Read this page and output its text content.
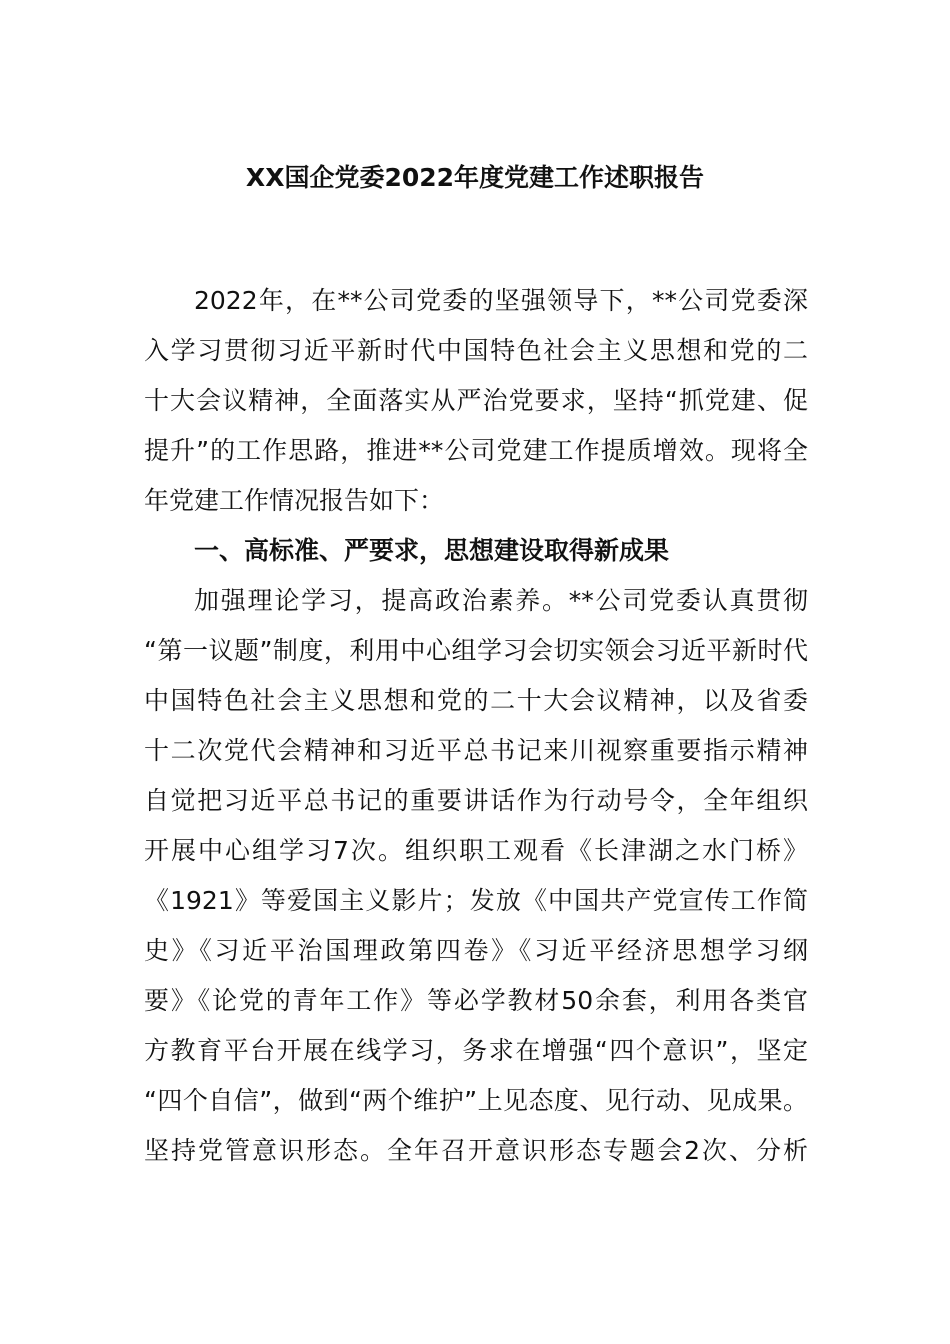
XX国企党委2022年度党建工作述职报告
2022年，在**公司党委的坚强领导下，**公司党委深
入学习贯彻习近平新时代中国特色社会主义思想和党的二
十大会议精神，全面落实从严治党要求，坚持“抓党建、促
提升”的工作思路，推进**公司党建工作提质增效。现将全
年党建工作情况报告如下：
一、高标准、严要求，思想建设取得新成果
加强理论学习，提高政治素养。**公司党委认真贯彻
“第一议题”制度，利用中心组学习会切实领会习近平新时代
中国特色社会主义思想和党的二十大会议精神，以及省委
十二次党代会精神和习近平总书记来川视察重要指示精神
自觉把习近平总书记的重要讲话作为行动号令，全年组织
开展中心组学习7次。组织职工观看《长津湖之水门桥》
《1921》等爱国主义影片；发放《中国共产党宣传工作简
史》《习近平治国理政第四卷》《习近平经济思想学习纲
要》《论党的青年工作》等必学教材50余套，利用各类官
方教育平台开展在线学习，务求在增强“四个意识”，坚定
“四个自信”，做到“两个维护”上见态度、见行动、见成果。
坚持党管意识形态。全年召开意识形态专题会2次、分析
